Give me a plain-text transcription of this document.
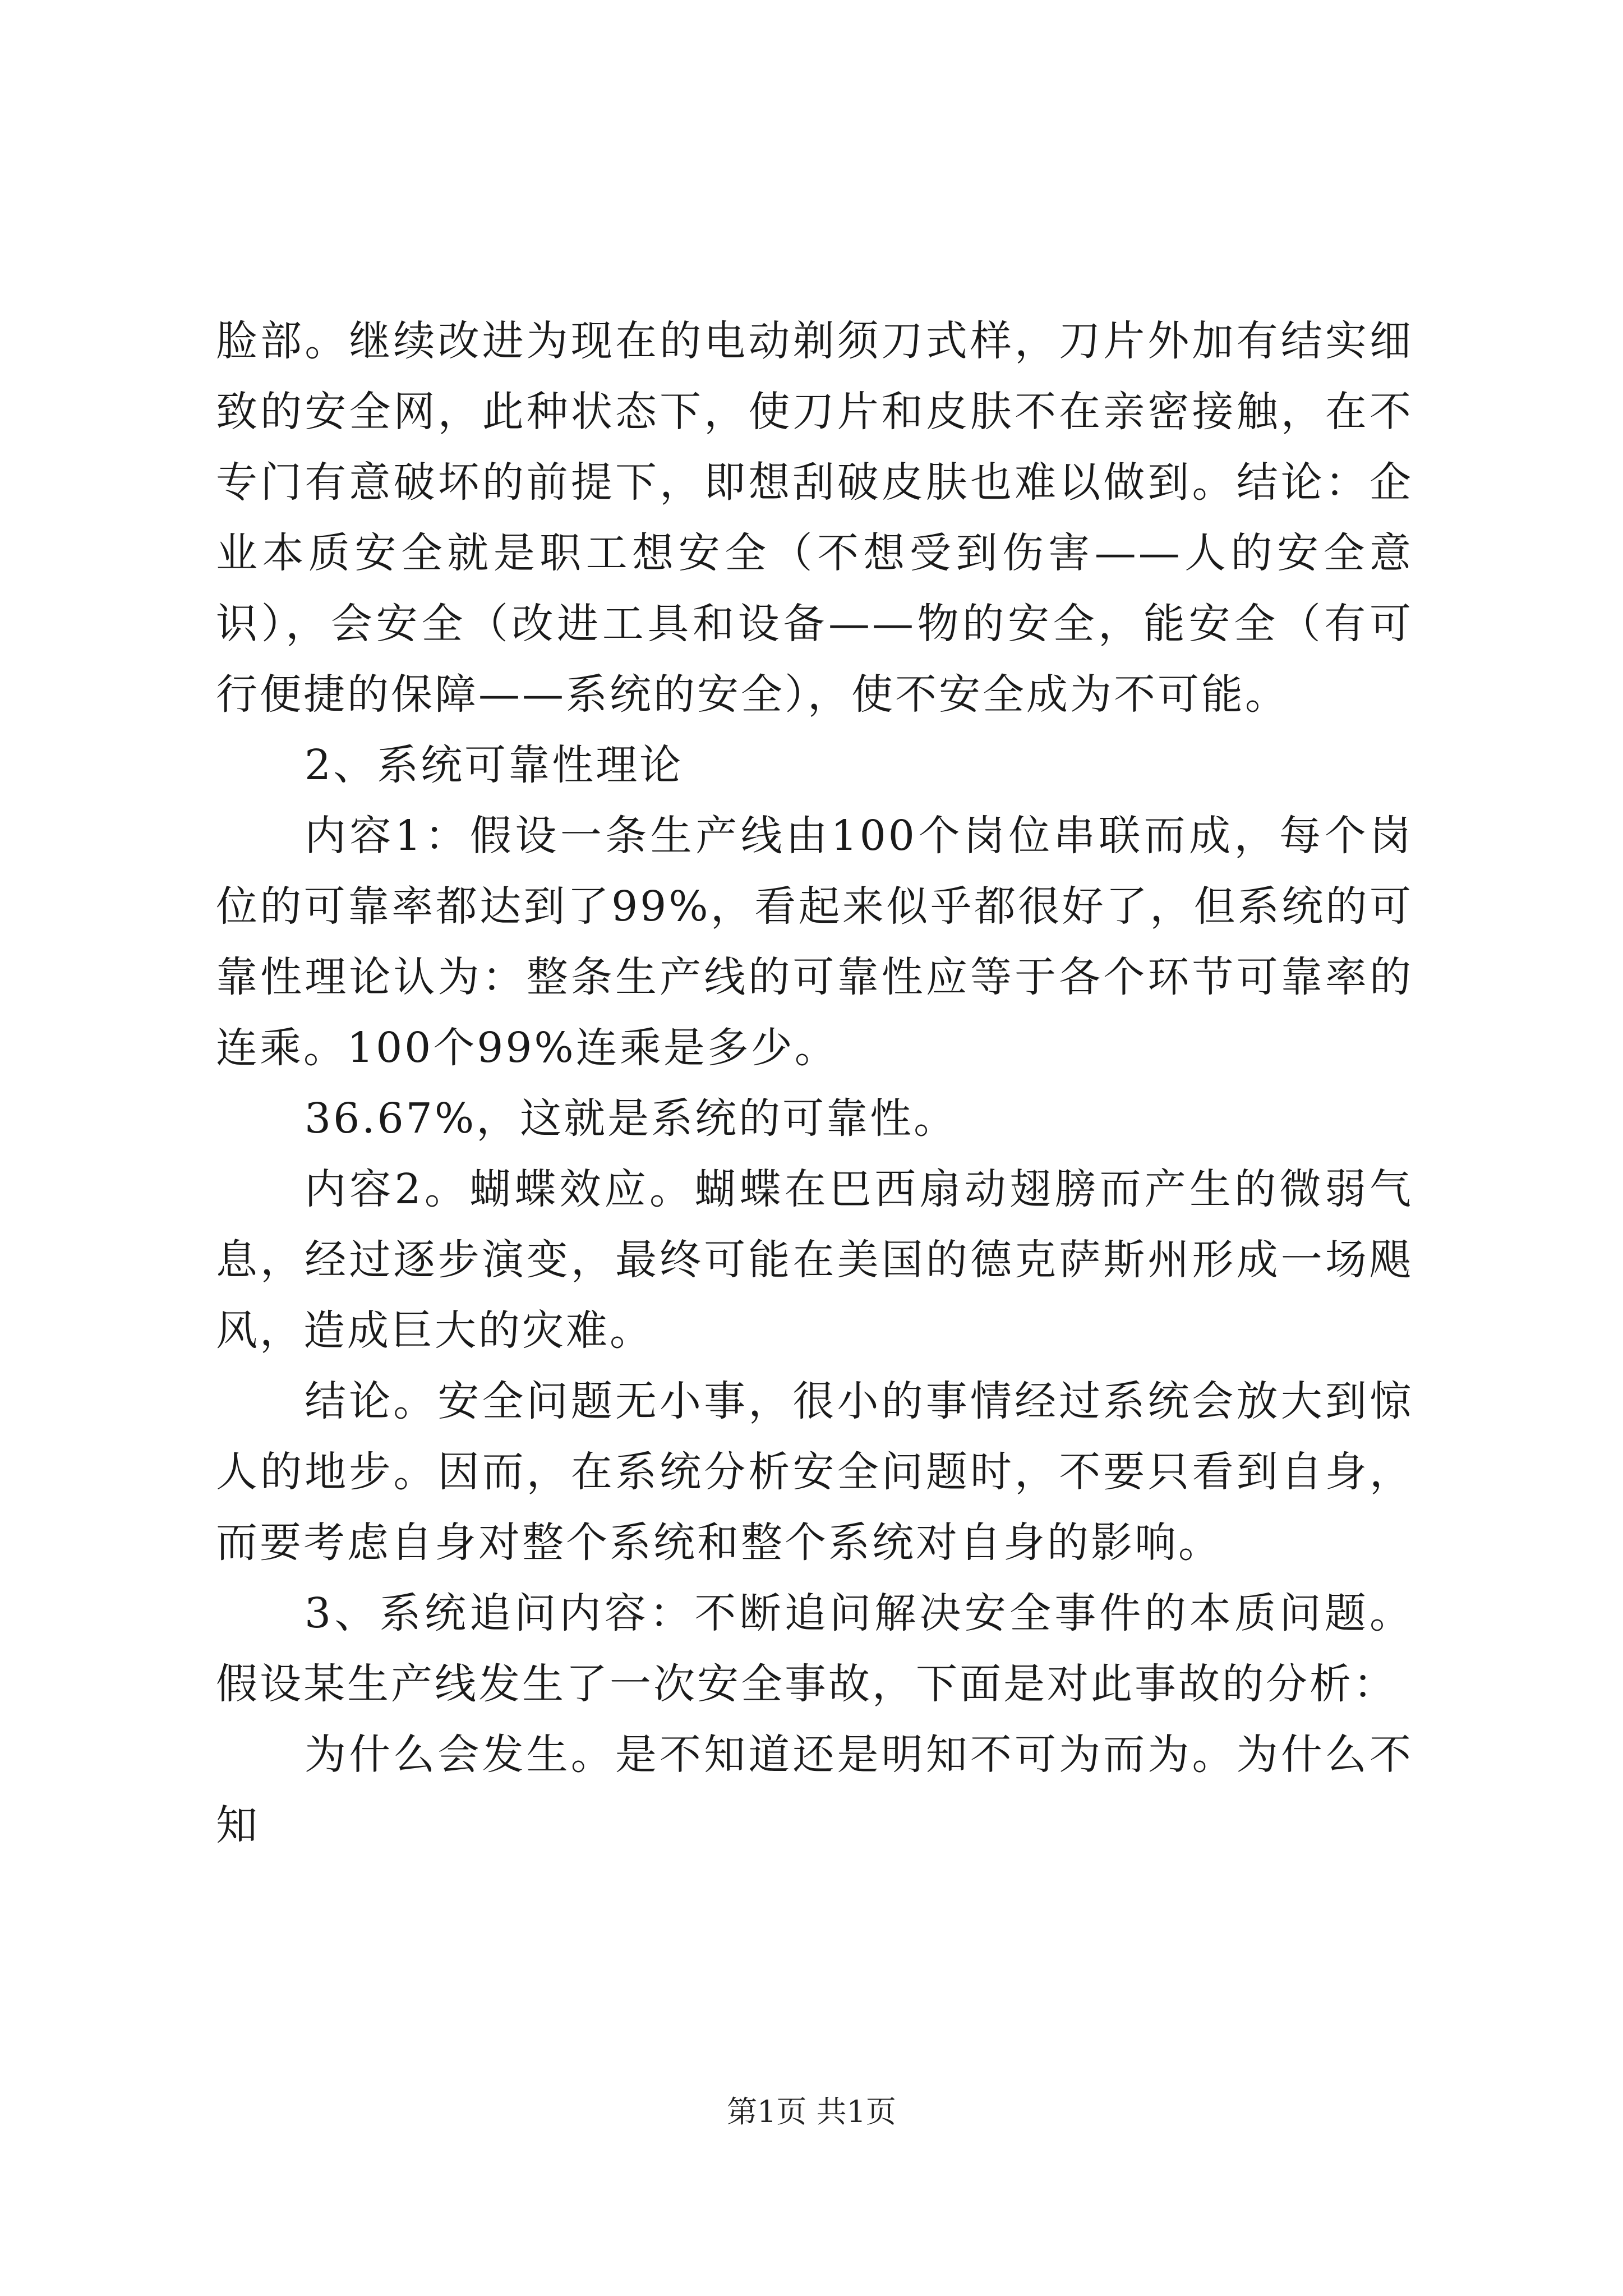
脸部。继续改进为现在的电动剃须刀式样，刀片外加有结实细致的安全网，此种状态下，使刀片和皮肤不在亲密接触，在不专门有意破坏的前提下，即想刮破皮肤也难以做到。结论：企业本质安全就是职工想安全（不想受到伤害——人的安全意识），会安全（改进工具和设备——物的安全，能安全（有可行便捷的保障——系统的安全），使不安全成为不可能。

2、系统可靠性理论

内容1：假设一条生产线由100个岗位串联而成，每个岗位的可靠率都达到了99%，看起来似乎都很好了，但系统的可靠性理论认为：整条生产线的可靠性应等于各个环节可靠率的连乘。100个99%连乘是多少。

36.67%，这就是系统的可靠性。

内容2。蝴蝶效应。蝴蝶在巴西扇动翅膀而产生的微弱气息，经过逐步演变，最终可能在美国的德克萨斯州形成一场飓风，造成巨大的灾难。

结论。安全问题无小事，很小的事情经过系统会放大到惊人的地步。因而，在系统分析安全问题时，不要只看到自身，而要考虑自身对整个系统和整个系统对自身的影响。

3、系统追问内容：不断追问解决安全事件的本质问题。假设某生产线发生了一次安全事故，下面是对此事故的分析：

为什么会发生。是不知道还是明知不可为而为。为什么不知

第1页 共1页
